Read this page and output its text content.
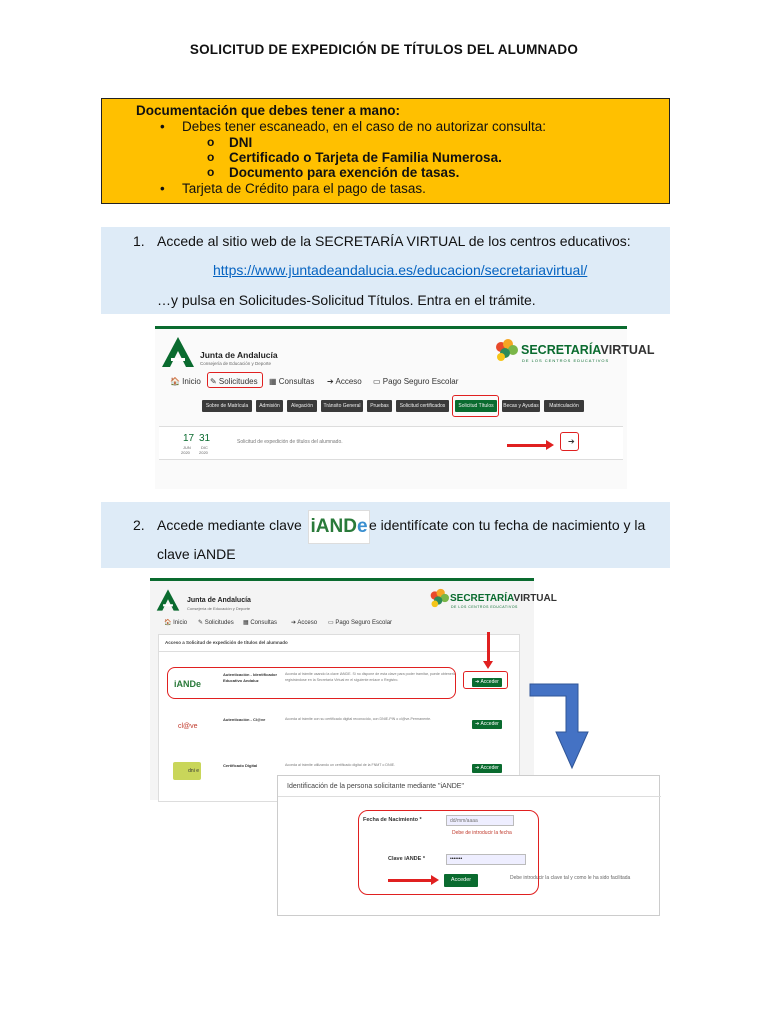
SOLICITUD DE EXPEDICIÓN DE TÍTULOS DEL ALUMNADO
Documentación que debes tener a mano:
• Debes tener escaneado, en el caso de no autorizar consulta:
o DNI
o Certificado o Tarjeta de Familia Numerosa.
o Documento para exención de tasas.
• Tarjeta de Crédito para el pago de tasas.
1. Accede al sitio web de la SECRETARÍA VIRTUAL de los centros educativos:
https://www.juntadeandalucia.es/educacion/secretariavirtual/
…y pulsa en Solicitudes-Solicitud Títulos. Entra en el trámite.
Junta de Andalucía
Consejería de Educación y Deporte
SECRETARÍAVIRTUAL
DE LOS CENTROS EDUCATIVOS
🏠 Inicio ✎ Solicitudes ▦ Consultas ➔ Acceso ▭ Pago Seguro Escolar
Sobre de Matrícula	Admisión	Alegación	Tránsito General	Pruebas	Solicitud certificados	Solicitud Títulos	Becas y Ayudas	Matriculación
17
JUN
2020
31
DIC
2020
Solicitud de expedición de títulos del alumnado.	➔
2. Accede mediante clave iANDe e identifícate con tu fecha de nacimiento y la
clave iANDE
Junta de Andalucía
Consejería de Educación y Deporte
SECRETARÍAVIRTUAL
DE LOS CENTROS EDUCATIVOS
🏠 Inicio ✎ Solicitudes ▦ Consultas ➔ Acceso ▭ Pago Seguro Escolar
Acceso a Solicitud de expedición de títulos del alumnado
iANDe
Autenticación - Identificador Educativo Andaluz
Acceda al trámite usando la clave iANDE. Si no dispone de esta clave para poder tramitar, puede obtenerla registrándose en la Secretaría Virtual en el siguiente enlace o Registro.	➔ Acceder
cl@ve
Autenticación - Cl@ve	Acceda al trámite con su certificado digital reconocido, con DNIE-PIN o cl@ve-Permanente.
➔ Acceder
dni e
Certificado Digital	Acceda al trámite utilizando un certificado digital de la FNMT o DNIE.	➔ Acceder
Identificación de la persona solicitante mediante "iANDE"
Fecha de Nacimiento *
dd/mm/aaaa
Debe de introducir la fecha
Clave iANDE *	•••••••
Acceder	Debe introducir la clave tal y como le ha sido facilitada
